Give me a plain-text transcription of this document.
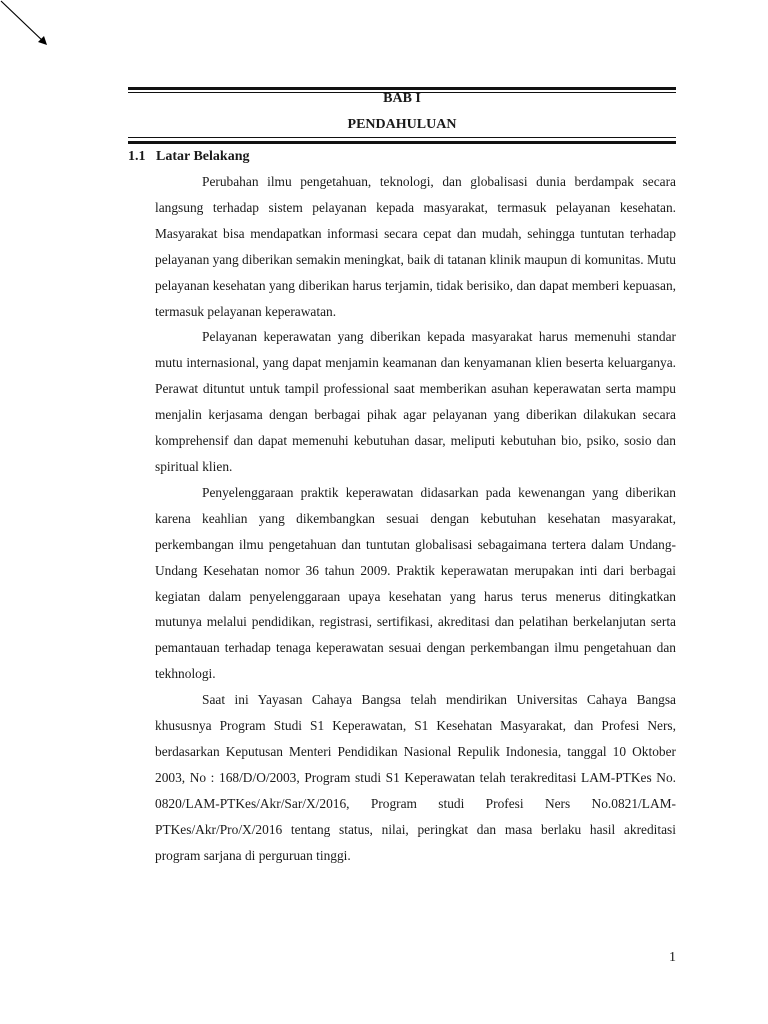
BAB I
PENDAHULUAN
1.1 Latar Belakang

Perubahan ilmu pengetahuan, teknologi, dan globalisasi dunia berdampak secara langsung terhadap sistem pelayanan kepada masyarakat, termasuk pelayanan kesehatan. Masyarakat bisa mendapatkan informasi secara cepat dan mudah, sehingga tuntutan terhadap pelayanan yang diberikan semakin meningkat, baik di tatanan klinik maupun di komunitas. Mutu pelayanan kesehatan yang diberikan harus terjamin, tidak berisiko, dan dapat memberi kepuasan, termasuk pelayanan keperawatan.

Pelayanan keperawatan yang diberikan kepada masyarakat harus memenuhi standar mutu internasional, yang dapat menjamin keamanan dan kenyamanan klien beserta keluarganya. Perawat dituntut untuk tampil professional saat memberikan asuhan keperawatan serta mampu menjalin kerjasama dengan berbagai pihak agar pelayanan yang diberikan dilakukan secara komprehensif dan dapat memenuhi kebutuhan dasar, meliputi kebutuhan bio, psiko, sosio dan spiritual klien.

Penyelenggaraan praktik keperawatan didasarkan pada kewenangan yang diberikan karena keahlian yang dikembangkan sesuai dengan kebutuhan kesehatan masyarakat, perkembangan ilmu pengetahuan dan tuntutan globalisasi sebagaimana tertera dalam Undang-Undang Kesehatan nomor 36 tahun 2009. Praktik keperawatan merupakan inti dari berbagai kegiatan dalam penyelenggaraan upaya kesehatan yang harus terus menerus ditingkatkan mutunya melalui pendidikan, registrasi, sertifikasi, akreditasi dan pelatihan berkelanjutan serta pemantauan terhadap tenaga keperawatan sesuai dengan perkembangan ilmu pengetahuan dan tekhnologi.

Saat ini Yayasan Cahaya Bangsa telah mendirikan Universitas Cahaya Bangsa khususnya Program Studi S1 Keperawatan, S1 Kesehatan Masyarakat, dan Profesi Ners, berdasarkan Keputusan Menteri Pendidikan Nasional Repulik Indonesia, tanggal 10 Oktober 2003, No : 168/D/O/2003, Program studi S1 Keperawatan telah terakreditasi LAM-PTKes No. 0820/LAM-PTKes/Akr/Sar/X/2016, Program studi Profesi Ners No.0821/LAM-PTKes/Akr/Pro/X/2016 tentang status, nilai, peringkat dan masa berlaku hasil akreditasi program sarjana di perguruan tinggi.

1
